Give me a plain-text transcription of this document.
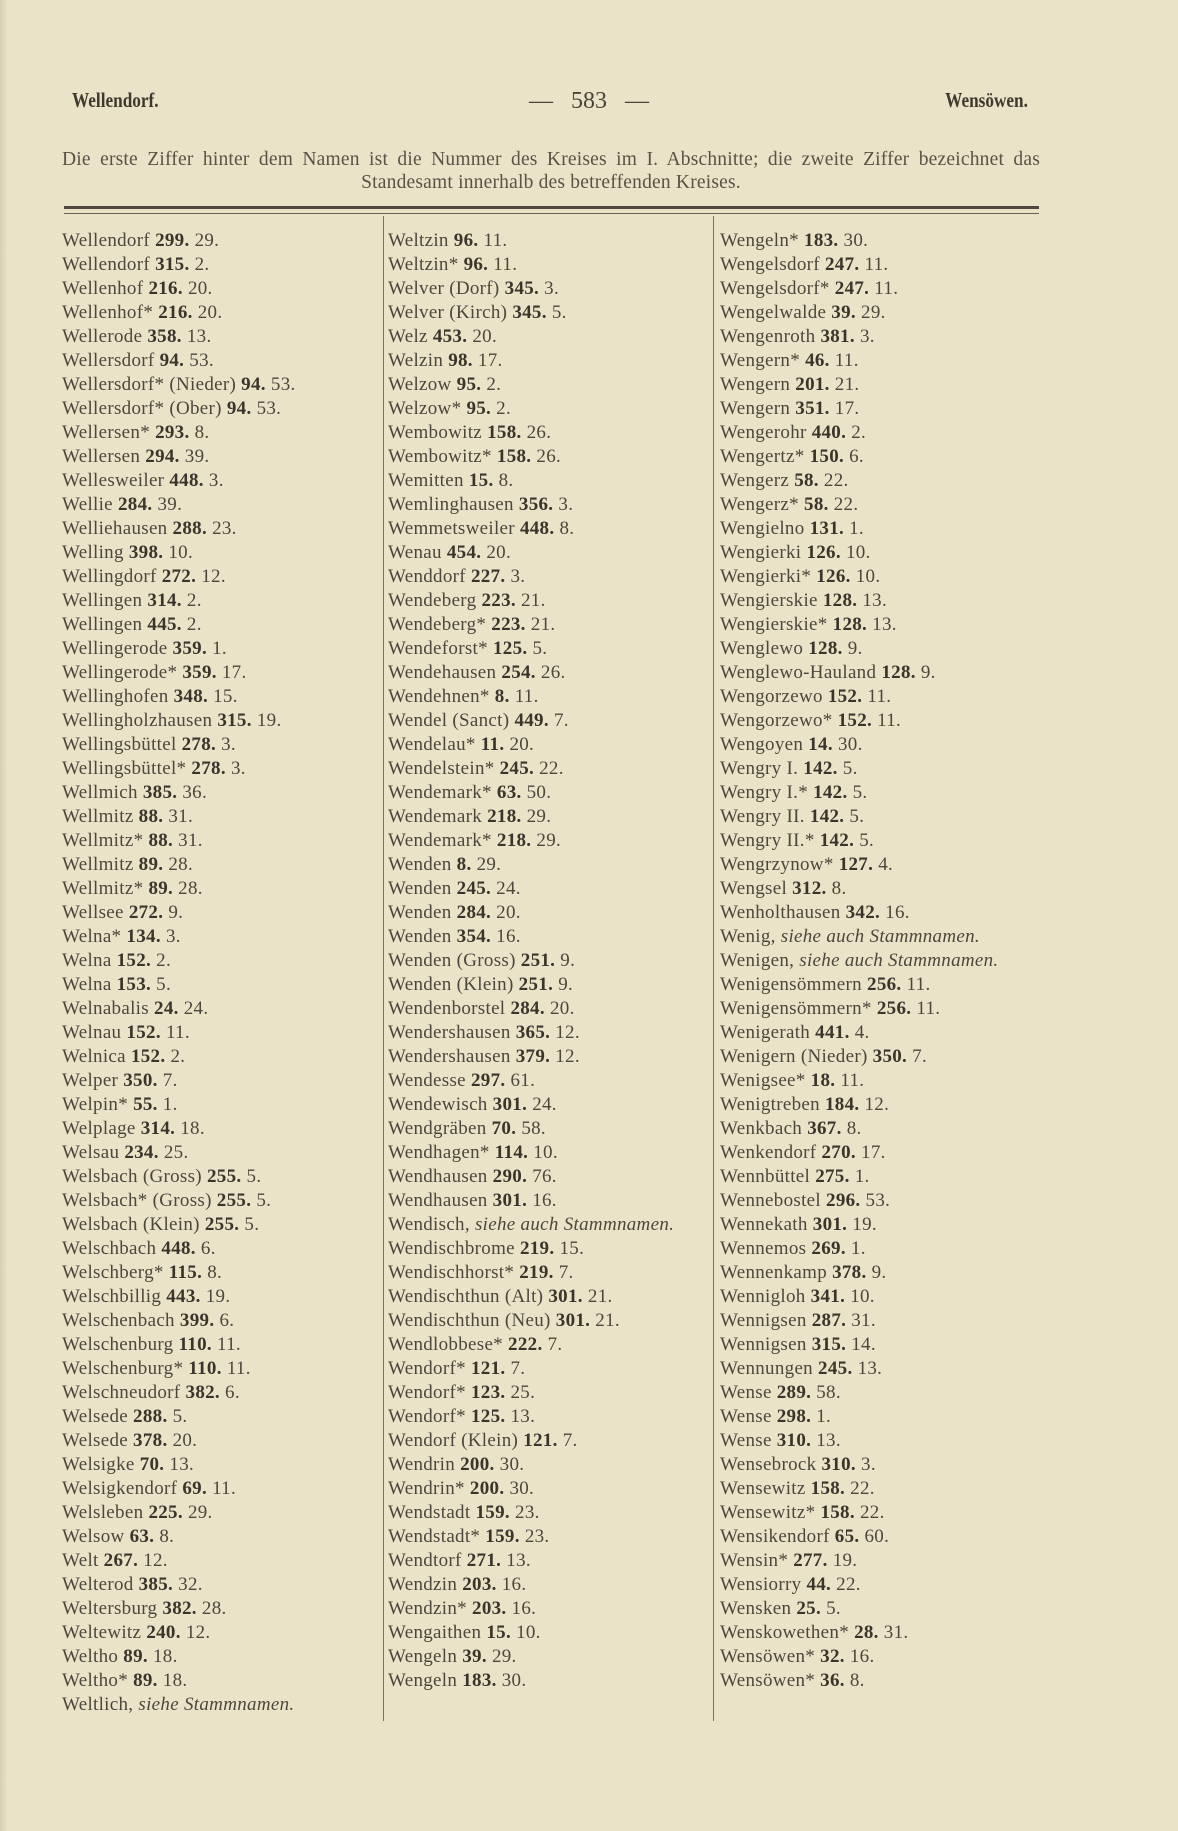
Wellendorf.	— 583 —	Wensöwen.
Die erste Ziffer hinter dem Namen ist die Nummer des Kreises im I. Abschnitte; die zweite Ziffer bezeichnet das Standesamt innerhalb des betreffenden Kreises.
Wellendorf 299. 29.
Wellendorf 315. 2.
Wellenhof 216. 20.
Wellenhof* 216. 20.
Wellerode 358. 13.
Wellersdorf 94. 53.
Wellersdorf* (Nieder) 94. 53.
Wellersdorf* (Ober) 94. 53.
Wellersen* 293. 8.
Wellersen 294. 39.
Wellesweiler 448. 3.
Wellie 284. 39.
Welliehausen 288. 23.
Welling 398. 10.
Wellingdorf 272. 12.
Wellingen 314. 2.
Wellingen 445. 2.
Wellingerode 359. 1.
Wellingerode* 359. 17.
Wellinghofen 348. 15.
Wellingholzhausen 315. 19.
Wellingsbüttel 278. 3.
Wellingsbüttel* 278. 3.
Wellmich 385. 36.
Wellmitz 88. 31.
Wellmitz* 88. 31.
Wellmitz 89. 28.
Wellmitz* 89. 28.
Wellsee 272. 9.
Welna* 134. 3.
Welna 152. 2.
Welna 153. 5.
Welnabalis 24. 24.
Welnau 152. 11.
Welnica 152. 2.
Welper 350. 7.
Welpin* 55. 1.
Welplage 314. 18.
Welsau 234. 25.
Welsbach (Gross) 255. 5.
Welsbach* (Gross) 255. 5.
Welsbach (Klein) 255. 5.
Welschbach 448. 6.
Welschberg* 115. 8.
Welschbillig 443. 19.
Welschenbach 399. 6.
Welschenburg 110. 11.
Welschenburg* 110. 11.
Welschneudorf 382. 6.
Welsede 288. 5.
Welsede 378. 20.
Welsigke 70. 13.
Welsigkendorf 69. 11.
Welsleben 225. 29.
Welsow 63. 8.
Welt 267. 12.
Welterod 385. 32.
Weltersburg 382. 28.
Weltewitz 240. 12.
Weltho 89. 18.
Weltho* 89. 18.
Weltlich, siehe Stammnamen.
Weltzin 96. 11.
Weltzin* 96. 11.
Welver (Dorf) 345. 3.
Welver (Kirch) 345. 5.
Welz 453. 20.
Welzin 98. 17.
Welzow 95. 2.
Welzow* 95. 2.
Wembowitz 158. 26.
Wembowitz* 158. 26.
Wemitten 15. 8.
Wemlinghausen 356. 3.
Wemmetsweiler 448. 8.
Wenau 454. 20.
Wenddorf 227. 3.
Wendeberg 223. 21.
Wendeberg* 223. 21.
Wendeforst* 125. 5.
Wendehausen 254. 26.
Wendehnen* 8. 11.
Wendel (Sanct) 449. 7.
Wendelau* 11. 20.
Wendelstein* 245. 22.
Wendemark* 63. 50.
Wendemark 218. 29.
Wendemark* 218. 29.
Wenden 8. 29.
Wenden 245. 24.
Wenden 284. 20.
Wenden 354. 16.
Wenden (Gross) 251. 9.
Wenden (Klein) 251. 9.
Wendenborstel 284. 20.
Wendershausen 365. 12.
Wendershausen 379. 12.
Wendesse 297. 61.
Wendewisch 301. 24.
Wendgräben 70. 58.
Wendhagen* 114. 10.
Wendhausen 290. 76.
Wendhausen 301. 16.
Wendisch, siehe auch Stammnamen.
Wendischbrome 219. 15.
Wendischhorst* 219. 7.
Wendischthun (Alt) 301. 21.
Wendischthun (Neu) 301. 21.
Wendlobbese* 222. 7.
Wendorf* 121. 7.
Wendorf* 123. 25.
Wendorf* 125. 13.
Wendorf (Klein) 121. 7.
Wendrin 200. 30.
Wendrin* 200. 30.
Wendstadt 159. 23.
Wendstadt* 159. 23.
Wendtorf 271. 13.
Wendzin 203. 16.
Wendzin* 203. 16.
Wengaithen 15. 10.
Wengeln 39. 29.
Wengeln 183. 30.
Wengeln* 183. 30.
Wengelsdorf 247. 11.
Wengelsdorf* 247. 11.
Wengelwalde 39. 29.
Wengenroth 381. 3.
Wengern* 46. 11.
Wengern 201. 21.
Wengern 351. 17.
Wengerohr 440. 2.
Wengertz* 150. 6.
Wengerz 58. 22.
Wengerz* 58. 22.
Wengielno 131. 1.
Wengierki 126. 10.
Wengierki* 126. 10.
Wengierskie 128. 13.
Wengierskie* 128. 13.
Wenglewo 128. 9.
Wenglewo-Hauland 128. 9.
Wengorzewo 152. 11.
Wengorzewo* 152. 11.
Wengoyen 14. 30.
Wengry I. 142. 5.
Wengry I.* 142. 5.
Wengry II. 142. 5.
Wengry II.* 142. 5.
Wengrzynow* 127. 4.
Wengsel 312. 8.
Wenholthausen 342. 16.
Wenig, siehe auch Stammnamen.
Wenigen, siehe auch Stammnamen.
Wenigensömmern 256. 11.
Wenigensömmern* 256. 11.
Wenigerath 441. 4.
Wenigern (Nieder) 350. 7.
Wenigsee* 18. 11.
Wenigtreben 184. 12.
Wenkbach 367. 8.
Wenkendorf 270. 17.
Wennbüttel 275. 1.
Wennebostel 296. 53.
Wennekath 301. 19.
Wennemos 269. 1.
Wennenkamp 378. 9.
Wennigloh 341. 10.
Wennigsen 287. 31.
Wennigsen 315. 14.
Wennungen 245. 13.
Wense 289. 58.
Wense 298. 1.
Wense 310. 13.
Wensebrock 310. 3.
Wensewitz 158. 22.
Wensewitz* 158. 22.
Wensikendorf 65. 60.
Wensin* 277. 19.
Wensiorry 44. 22.
Wensken 25. 5.
Wenskowethen* 28. 31.
Wensöwen* 32. 16.
Wensöwen* 36. 8.
